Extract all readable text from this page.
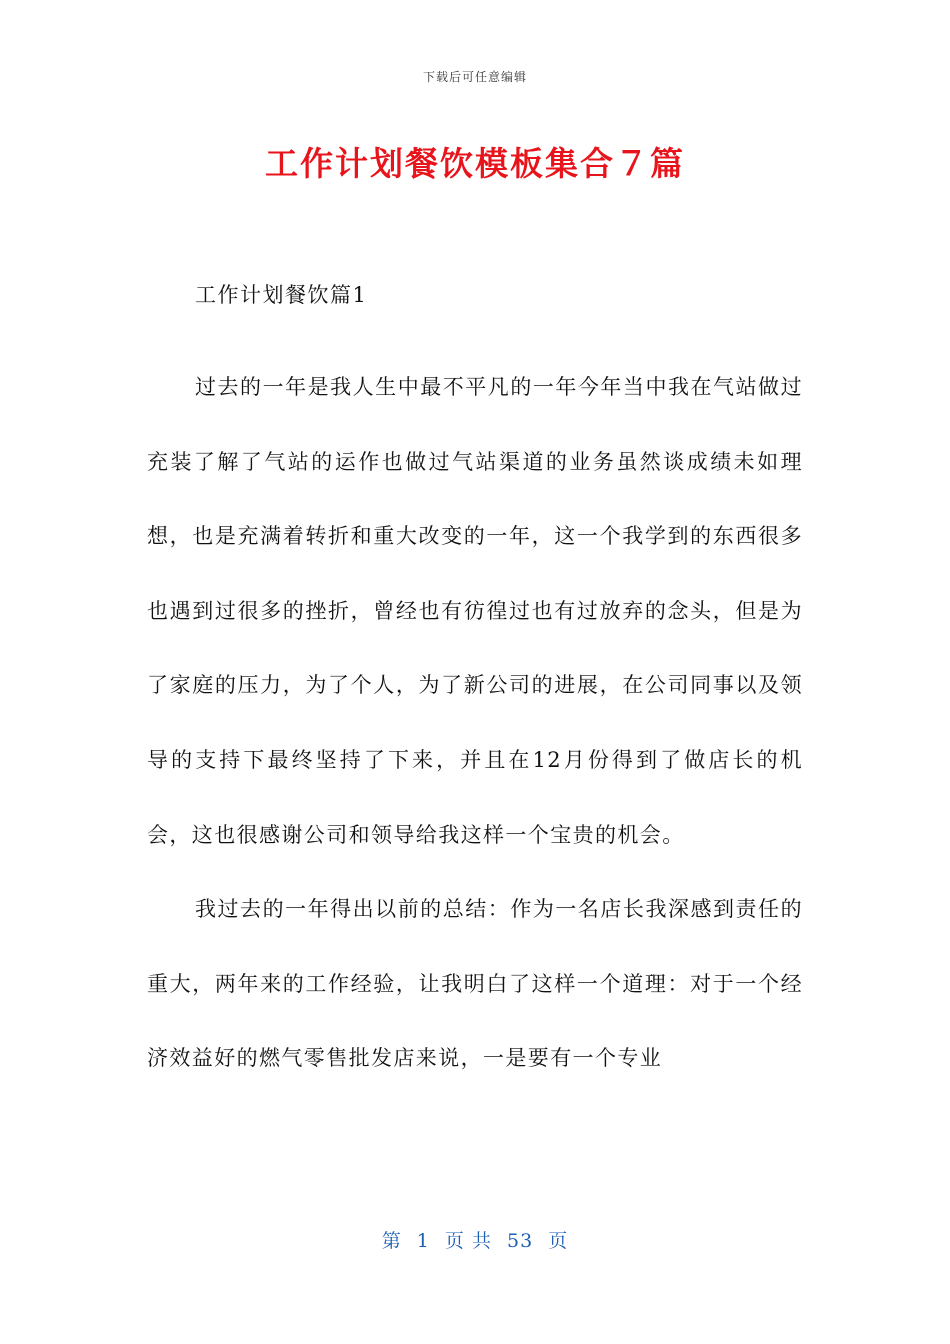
下载后可任意编辑
工作计划餐饮模板集合７篇
工作计划餐饮篇1

过去的一年是我人生中最不平凡的一年今年当中我在气站做过充装了解了气站的运作也做过气站渠道的业务虽然谈成绩未如理想，也是充满着转折和重大改变的一年，这一个我学到的东西很多也遇到过很多的挫折，曾经也有彷徨过也有过放弃的念头，但是为了家庭的压力，为了个人，为了新公司的进展，在公司同事以及领导的支持下最终坚持了下来，并且在12月份得到了做店长的机会，这也很感谢公司和领导给我这样一个宝贵的机会。

我过去的一年得出以前的总结：作为一名店长我深感到责任的重大，两年来的工作经验，让我明白了这样一个道理：对于一个经济效益好的燃气零售批发店来说，一是要有一个专业

第 1 页 共 53 页
